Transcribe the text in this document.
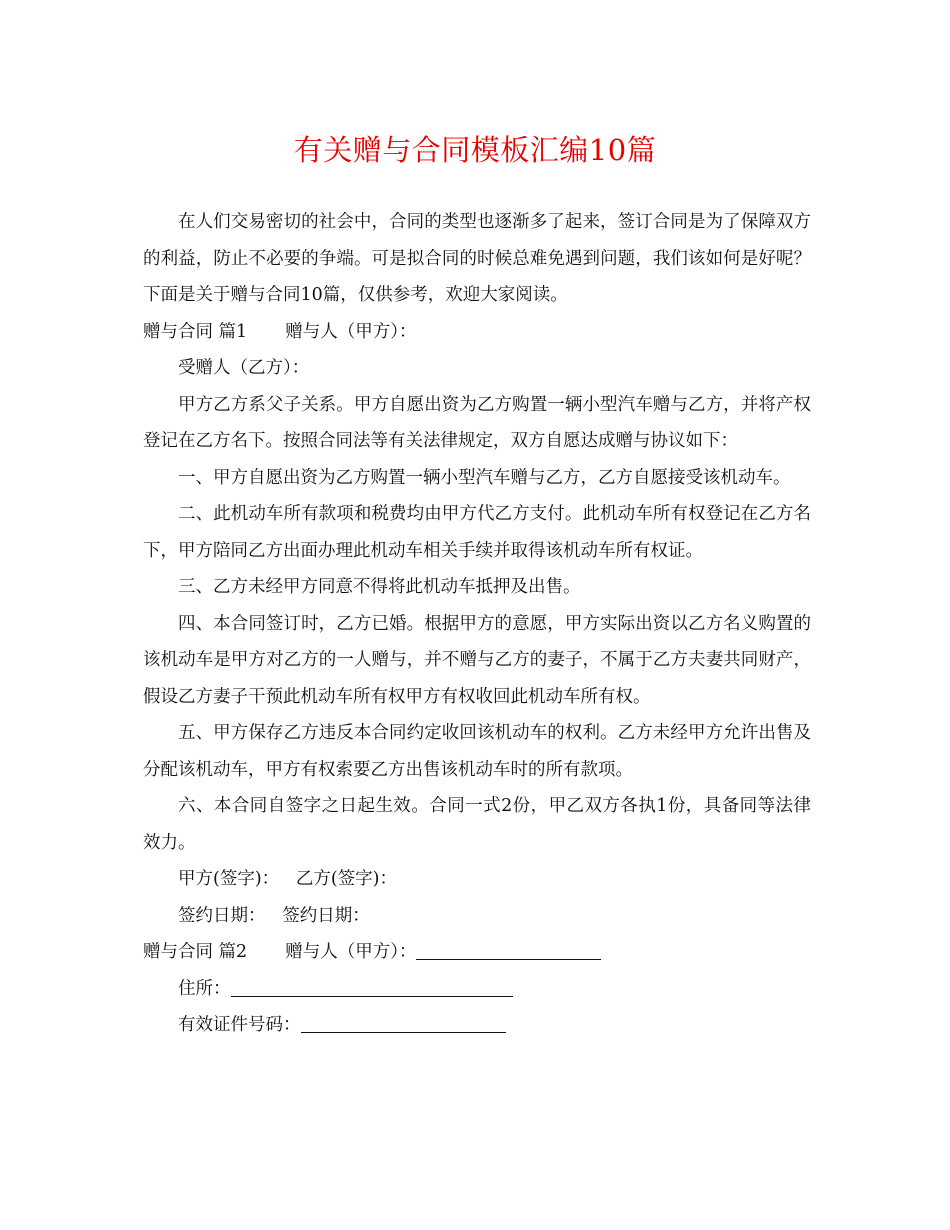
有关赠与合同模板汇编10篇

在人们交易密切的社会中，合同的类型也逐渐多了起来，签订合同是为了保障双方的利益，防止不必要的争端。可是拟合同的时候总难免遇到问题，我们该如何是好呢？下面是关于赠与合同10篇，仅供参考，欢迎大家阅读。

赠与合同 篇1 赠与人（甲方）：

受赠人（乙方）：

甲方乙方系父子关系。甲方自愿出资为乙方购置一辆小型汽车赠与乙方，并将产权登记在乙方名下。按照合同法等有关法律规定，双方自愿达成赠与协议如下：

一、甲方自愿出资为乙方购置一辆小型汽车赠与乙方，乙方自愿接受该机动车。

二、此机动车所有款项和税费均由甲方代乙方支付。此机动车所有权登记在乙方名下，甲方陪同乙方出面办理此机动车相关手续并取得该机动车所有权证。

三、乙方未经甲方同意不得将此机动车抵押及出售。

四、本合同签订时，乙方已婚。根据甲方的意愿，甲方实际出资以乙方名义购置的该机动车是甲方对乙方的一人赠与，并不赠与乙方的妻子，不属于乙方夫妻共同财产，假设乙方妻子干预此机动车所有权甲方有权收回此机动车所有权。

五、甲方保存乙方违反本合同约定收回该机动车的权利。乙方未经甲方允许出售及分配该机动车，甲方有权索要乙方出售该机动车时的所有款项。

六、本合同自签字之日起生效。合同一式2份，甲乙双方各执1份，具备同等法律效力。

甲方(签字)：   乙方(签字)：

签约日期：   签约日期：

赠与合同 篇2 赠与人（甲方）：

住所：

有效证件号码：
